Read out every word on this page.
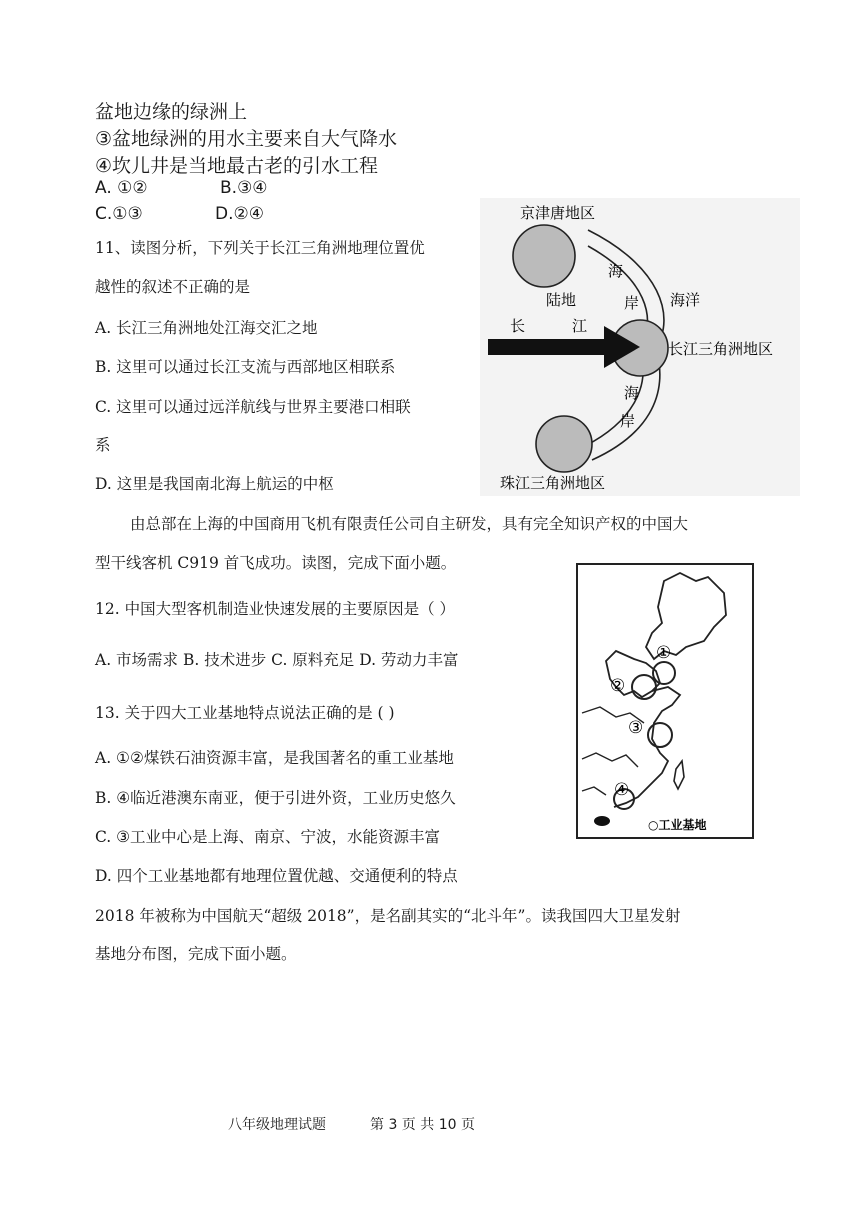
盆地边缘的绿洲上
③盆地绿洲的用水主要来自大气降水
④坎儿井是当地最古老的引水工程
A. ①②	B.③④
C.①③	D.②④
11、读图分析，下列关于长江三角洲地理位置优
越性的叙述不正确的是
A. 长江三角洲地处江海交汇之地
B. 这里可以通过长江支流与西部地区相联系
C. 这里可以通过远洋航线与世界主要港口相联
系
D. 这里是我国南北海上航运的中枢
京津唐地区
长江三角洲地区
珠江三角洲地区
陆地	海洋
海
岸
海
岸
长	江
由总部在上海的中国商用飞机有限责任公司自主研发，具有完全知识产权的中国大
型干线客机 C919 首飞成功。读图，完成下面小题。
12. 中国大型客机制造业快速发展的主要原因是（ ）
A. 市场需求 B. 技术进步 C. 原料充足 D. 劳动力丰富
13. 关于四大工业基地特点说法正确的是 ( )
A. ①②煤铁石油资源丰富，是我国著名的重工业基地
B. ④临近港澳东南亚，便于引进外资，工业历史悠久
C. ③工业中心是上海、南京、宁波，水能资源丰富
D. 四个工业基地都有地理位置优越、交通便利的特点
①
②
③
④
○工业基地
2018 年被称为中国航天“超级 2018”，是名副其实的“北斗年”。读我国四大卫星发射
基地分布图，完成下面小题。
八年级地理试题	第 3 页 共 10 页
